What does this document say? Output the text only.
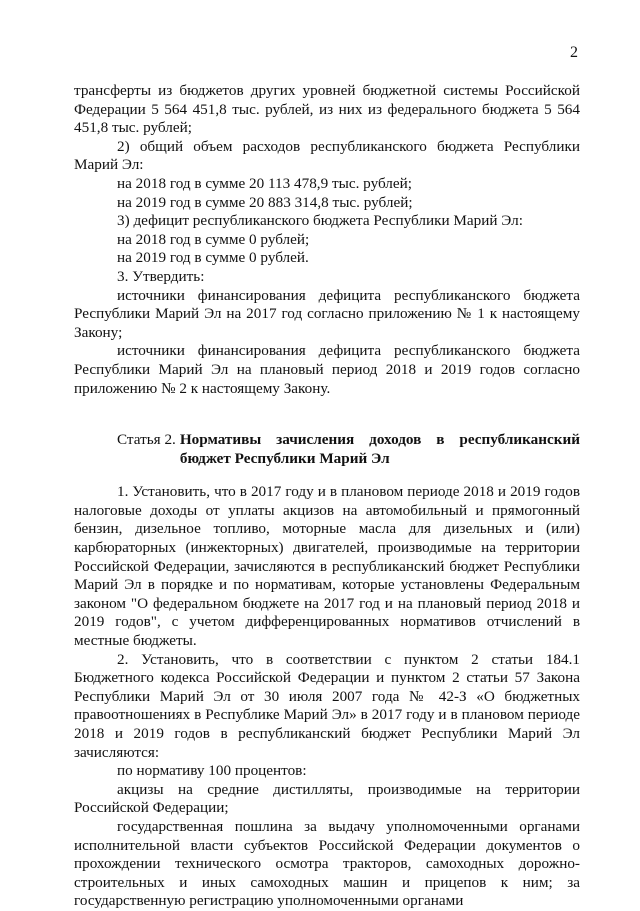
2

трансферты из бюджетов других уровней бюджетной системы Российской Федерации 5 564 451,8 тыс. рублей, из них из федерального бюджета 5 564 451,8 тыс. рублей;

2) общий объем расходов республиканского бюджета Республики Марий Эл:

на 2018 год в сумме 20 113 478,9 тыс. рублей;

на 2019 год в сумме 20 883 314,8 тыс. рублей;

3) дефицит республиканского бюджета Республики Марий Эл:

на 2018 год в сумме 0 рублей;

на 2019 год в сумме 0 рублей.

3. Утвердить:

источники финансирования дефицита республиканского бюджета Республики Марий Эл на 2017 год согласно приложению № 1 к настоящему Закону;

источники финансирования дефицита республиканского бюджета Республики Марий Эл на плановый период 2018 и 2019 годов согласно приложению № 2 к настоящему Закону.

Статья 2. Нормативы зачисления доходов в республиканский бюджет Республики Марий Эл

1. Установить, что в 2017 году и в плановом периоде 2018 и 2019 годов налоговые доходы от уплаты акцизов на автомобильный и прямогонный бензин, дизельное топливо, моторные масла для дизельных и (или) карбюраторных (инжекторных) двигателей, производимые на территории Российской Федерации, зачисляются в республиканский бюджет Республики Марий Эл в порядке и по нормативам, которые установлены Федеральным законом "О федеральном бюджете на 2017 год и на плановый период 2018 и 2019 годов", с учетом дифференцированных нормативов отчислений в местные бюджеты.

2. Установить, что в соответствии с пунктом 2 статьи 184.1 Бюджетного кодекса Российской Федерации и пунктом 2 статьи 57 Закона Республики Марий Эл от 30 июля 2007 года № 42-З «О бюджетных правоотношениях в Республике Марий Эл» в 2017 году и в плановом периоде 2018 и 2019 годов в республиканский бюджет Республики Марий Эл зачисляются:

по нормативу 100 процентов:

акцизы на средние дистилляты, производимые на территории Российской Федерации;

государственная пошлина за выдачу уполномоченными органами исполнительной власти субъектов Российской Федерации документов о прохождении технического осмотра тракторов, самоходных дорожно-строительных и иных самоходных машин и прицепов к ним; за государственную регистрацию уполномоченными органами
